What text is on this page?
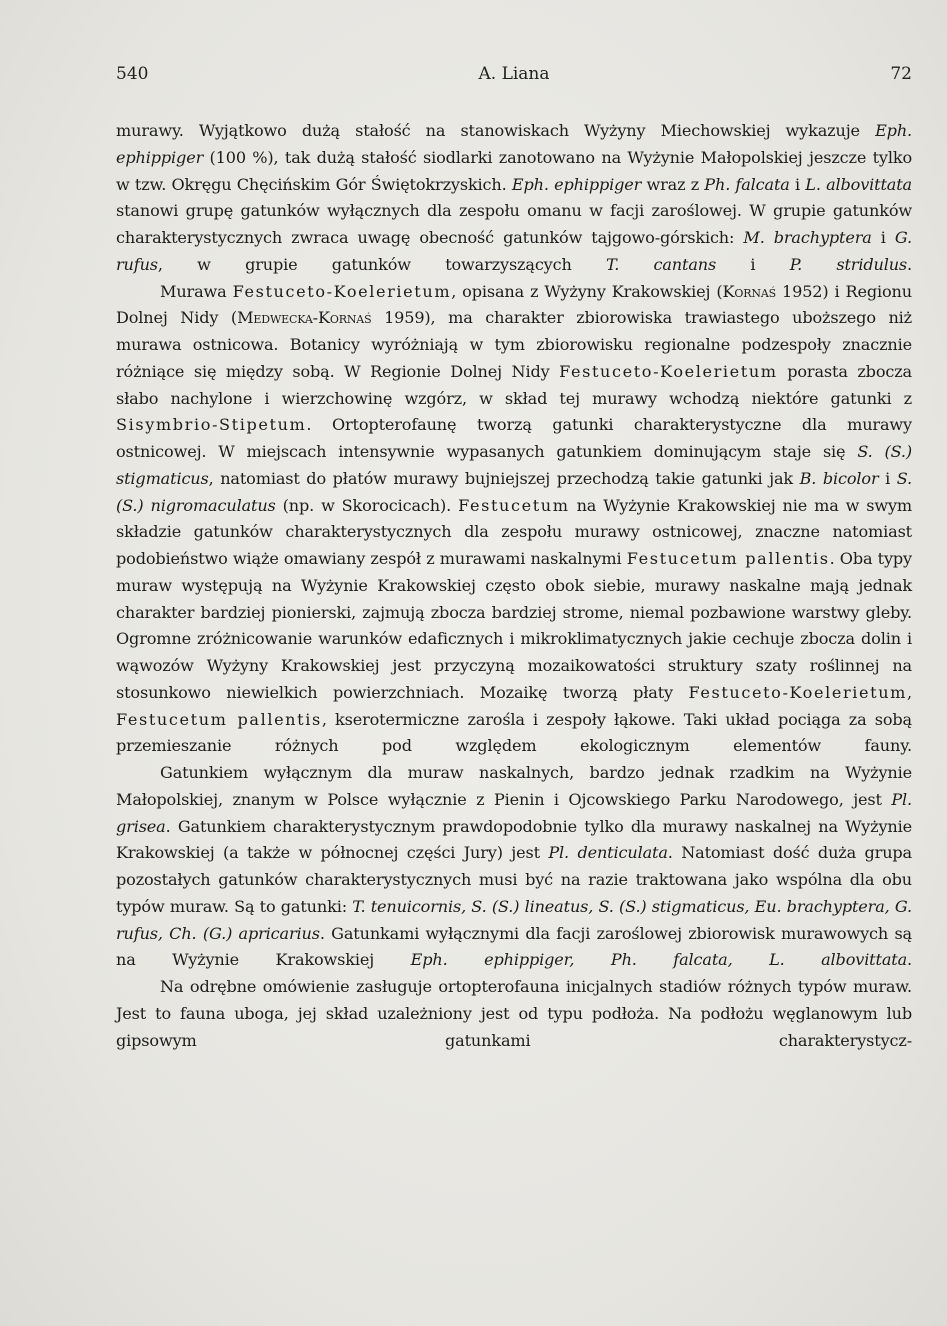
540	A. Liana	72

murawy. Wyjątkowo dużą stałość na stanowiskach Wyżyny Miechowskiej wykazuje Eph. ephippiger (100 %), tak dużą stałość siodlarki zanotowano na Wyżynie Małopolskiej jeszcze tylko w tzw. Okręgu Chęcińskim Gór Świętokrzyskich. Eph. ephippiger wraz z Ph. falcata i L. albovittata stanowi grupę gatunków wyłącznych dla zespołu omanu w facji zaroślowej. W grupie gatunków charakterystycznych zwraca uwagę obecność gatunków tajgowo-górskich: M. brachyptera i G. rufus, w grupie gatunków towarzyszących T. cantans i P. stridulus.

Murawa Festuceto-Koelerietum, opisana z Wyżyny Krakowskiej (Kornaś 1952) i Regionu Dolnej Nidy (Medwecka-Kornaś 1959), ma charakter zbiorowiska trawiastego uboższego niż murawa ostnicowa. Botanicy wyróżniają w tym zbiorowisku regionalne podzespoły znacznie różniące się między sobą. W Regionie Dolnej Nidy Festuceto-Koelerietum porasta zbocza słabo nachylone i wierzchowinę wzgórz, w skład tej murawy wchodzą niektóre gatunki z Sisymbrio-Stipetum. Ortopterofaunę tworzą gatunki charakterystyczne dla murawy ostnicowej. W miejscach intensywnie wypasanych gatunkiem dominującym staje się S. (S.) stigmaticus, natomiast do płatów murawy bujniejszej przechodzą takie gatunki jak B. bicolor i S. (S.) nigromaculatus (np. w Skorocicach). Festucetum na Wyżynie Krakowskiej nie ma w swym składzie gatunków charakterystycznych dla zespołu murawy ostnicowej, znaczne natomiast podobieństwo wiąże omawiany zespół z murawami naskalnymi Festucetum pallentis. Oba typy muraw występują na Wyżynie Krakowskiej często obok siebie, murawy naskalne mają jednak charakter bardziej pionierski, zajmują zbocza bardziej strome, niemal pozbawione warstwy gleby. Ogromne zróżnicowanie warunków edaficznych i mikroklimatycznych jakie cechuje zbocza dolin i wąwozów Wyżyny Krakowskiej jest przyczyną mozaikowatości struktury szaty roślinnej na stosunkowo niewielkich powierzchniach. Mozaikę tworzą płaty Festuceto-Koelerietum, Festucetum pallentis, kserotermiczne zarośla i zespoły łąkowe. Taki układ pociąga za sobą przemieszanie różnych pod względem ekologicznym elementów fauny.

Gatunkiem wyłącznym dla muraw naskalnych, bardzo jednak rzadkim na Wyżynie Małopolskiej, znanym w Polsce wyłącznie z Pienin i Ojcowskiego Parku Narodowego, jest Pl. grisea. Gatunkiem charakterystycznym prawdopodobnie tylko dla murawy naskalnej na Wyżynie Krakowskiej (a także w północnej części Jury) jest Pl. denticulata. Natomiast dość duża grupa pozostałych gatunków charakterystycznych musi być na razie traktowana jako wspólna dla obu typów muraw. Są to gatunki: T. tenuicornis, S. (S.) lineatus, S. (S.) stigmaticus, Eu. brachyptera, G. rufus, Ch. (G.) apricarius. Gatunkami wyłącznymi dla facji zaroślowej zbiorowisk murawowych są na Wyżynie Krakowskiej Eph. ephippiger, Ph. falcata, L. albovittata.

Na odrębne omówienie zasługuje ortopterofauna inicjalnych stadiów różnych typów muraw. Jest to fauna uboga, jej skład uzależniony jest od typu podłoża. Na podłożu węglanowym lub gipsowym gatunkami charakterystycz-
